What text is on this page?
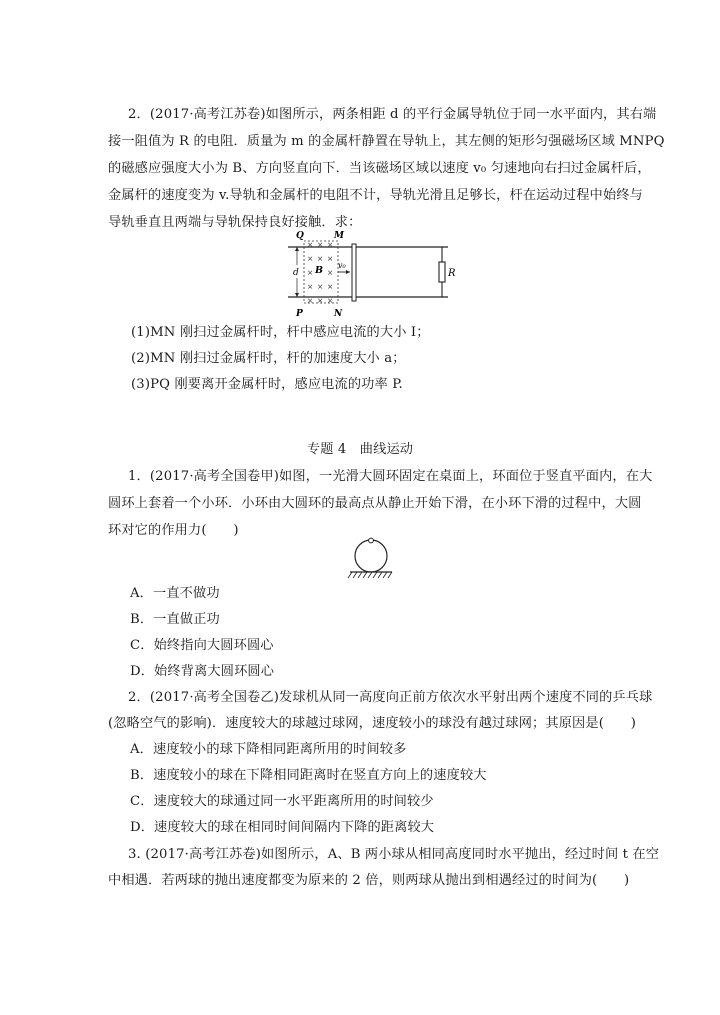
2．(2017·高考江苏卷)如图所示，两条相距 d 的平行金属导轨位于同一水平面内，其右端
接一阻值为 R 的电阻．质量为 m 的金属杆静置在导轨上，其左侧的矩形匀强磁场区域 MNPQ
的磁感应强度大小为 B、方向竖直向下．当该磁场区域以速度 v₀ 匀速地向右扫过金属杆后，
金属杆的速度变为 v.导轨和金属杆的电阻不计，导轨光滑且足够长，杆在运动过程中始终与
导轨垂直且两端与导轨保持良好接触．求：
R
× × ×
× × ×
× ×
× × ×
× × ×
B v₀
d
Q	M
P	N
(1)MN 刚扫过金属杆时，杆中感应电流的大小 I；
(2)MN 刚扫过金属杆时，杆的加速度大小 a；
(3)PQ 刚要离开金属杆时，感应电流的功率 P.
专题 4　曲线运动
1．(2017·高考全国卷甲)如图，一光滑大圆环固定在桌面上，环面位于竖直平面内，在大
圆环上套着一个小环．小环由大圆环的最高点从静止开始下滑，在小环下滑的过程中，大圆
环对它的作用力(　　)
A．一直不做功
B．一直做正功
C．始终指向大圆环圆心
D．始终背离大圆环圆心
2．(2017·高考全国卷乙)发球机从同一高度向正前方依次水平射出两个速度不同的乒乓球
(忽略空气的影响)．速度较大的球越过球网，速度较小的球没有越过球网；其原因是(　　)
A．速度较小的球下降相同距离所用的时间较多
B．速度较小的球在下降相同距离时在竖直方向上的速度较大
C．速度较大的球通过同一水平距离所用的时间较少
D．速度较大的球在相同时间间隔内下降的距离较大
3. (2017·高考江苏卷)如图所示，A、B 两小球从相同高度同时水平抛出，经过时间 t 在空
中相遇．若两球的抛出速度都变为原来的 2 倍，则两球从抛出到相遇经过的时间为(　　)
